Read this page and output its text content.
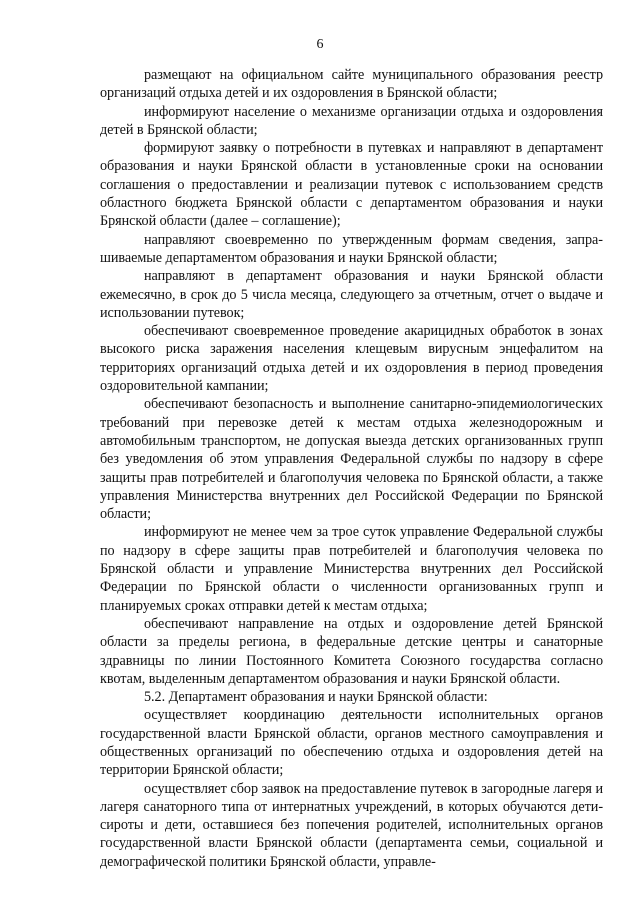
6

размещают на официальном сайте муниципального образования реестр организаций отдыха детей и их оздоровления в Брянской области;

информируют население о механизме организации отдыха и оздоровления детей в Брянской области;

формируют заявку о потребности в путевках и направляют в департамент образования и науки Брянской области в установленные сроки на основании соглашения о предоставлении и реализации путевок с использованием средств областного бюджета Брянской области с департаментом образования и науки Брянской области (далее – соглашение);

направляют своевременно по утвержденным формам сведения, запрашиваемые департаментом образования и науки Брянской области;

направляют в департамент образования и науки Брянской области ежемесячно, в срок до 5 числа месяца, следующего за отчетным, отчет о выдаче и использовании путевок;

обеспечивают своевременное проведение акарицидных обработок в зонах высокого риска заражения населения клещевым вирусным энцефалитом на территориях организаций отдыха детей и их оздоровления в период проведения оздоровительной кампании;

обеспечивают безопасность и выполнение санитарно-эпидемиологических требований при перевозке детей к местам отдыха железнодорожным и автомобильным транспортом, не допуская выезда детских организованных групп без уведомления об этом управления Федеральной службы по надзору в сфере защиты прав потребителей и благополучия человека по Брянской области, а также управления Министерства внутренних дел Российской Федерации по Брянской области;

информируют не менее чем за трое суток управление Федеральной службы по надзору в сфере защиты прав потребителей и благополучия человека по Брянской области и управление Министерства внутренних дел Российской Федерации по Брянской области о численности организованных групп и планируемых сроках отправки детей к местам отдыха;

обеспечивают направление на отдых и оздоровление детей Брянской области за пределы региона, в федеральные детские центры и санаторные здравницы по линии Постоянного Комитета Союзного государства согласно квотам, выделенным департаментом образования и науки Брянской области.

5.2. Департамент образования и науки Брянской области:

осуществляет координацию деятельности исполнительных органов государственной власти Брянской области, органов местного самоуправления и общественных организаций по обеспечению отдыха и оздоровления детей на территории Брянской области;

осуществляет сбор заявок на предоставление путевок в загородные лагеря и лагеря санаторного типа от интернатных учреждений, в которых обучаются дети-сироты и дети, оставшиеся без попечения родителей, исполнительных органов государственной власти Брянской области (департамента семьи, социальной и демографической политики Брянской области, управле-
